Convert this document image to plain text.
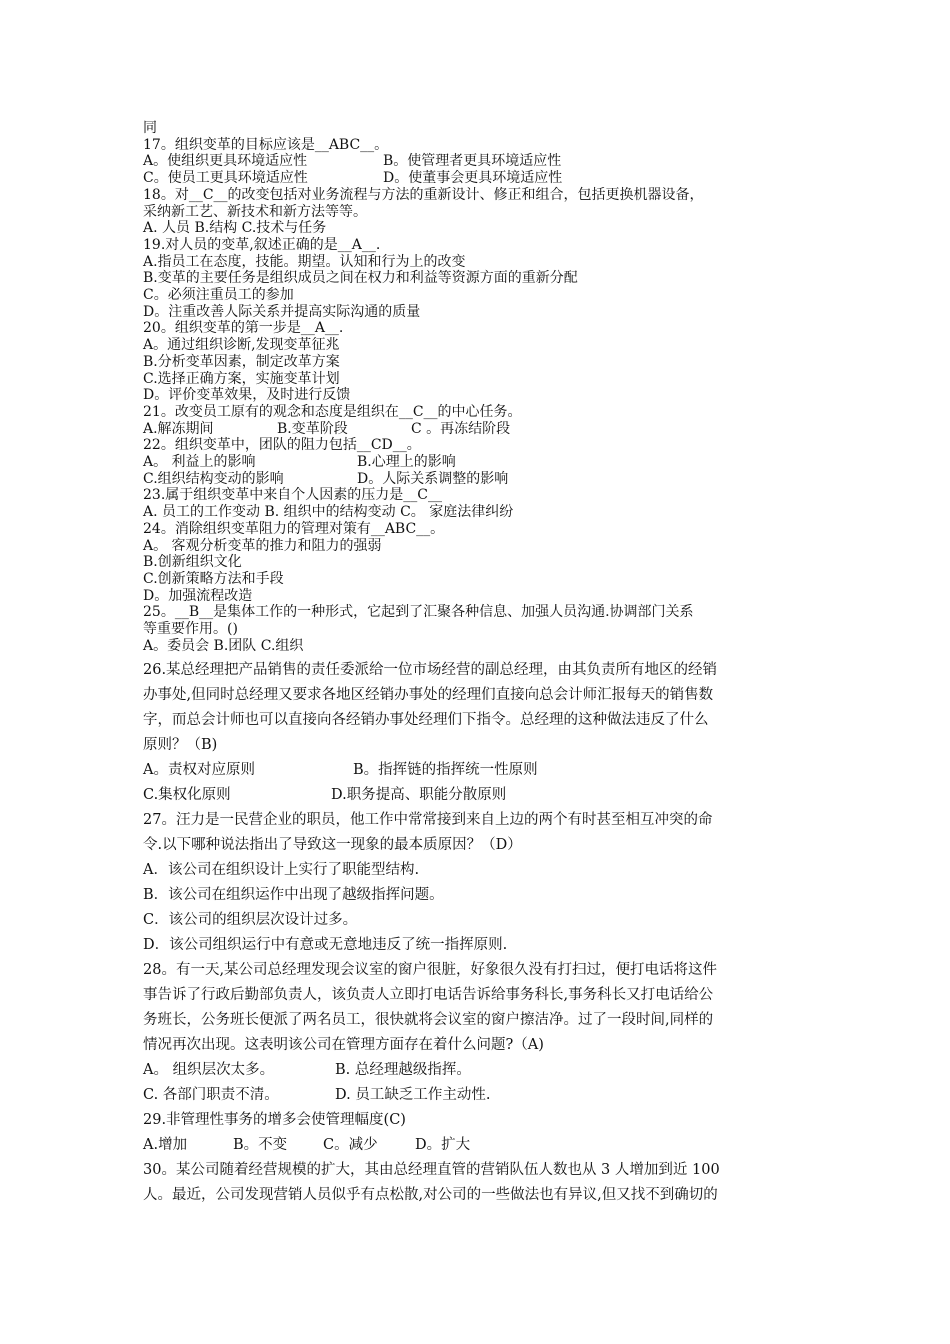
同
17。组织变革的目标应该是__ABC__。
A。使组织更具环境适应性	B。使管理者更具环境适应性
C。使员工更具环境适应性	D。使董事会更具环境适应性
18。对__C__的改变包括对业务流程与方法的重新设计、修正和组合，包括更换机器设备，
采纳新工艺、新技术和新方法等等。
A. 人员 B.结构 C.技术与任务
19.对人员的变革,叙述正确的是__A__.
A.指员工在态度，技能。期望。认知和行为上的改变
B.变革的主要任务是组织成员之间在权力和利益等资源方面的重新分配
C。必须注重员工的参加
D。注重改善人际关系并提高实际沟通的质量
20。组织变革的第一步是__A__.
A。通过组织诊断,发现变革征兆
B.分析变革因素，制定改革方案
C.选择正确方案，实施变革计划
D。评价变革效果，及时进行反馈
21。改变员工原有的观念和态度是组织在__C__的中心任务。
A.解冻期间	B.变革阶段	C 。再冻结阶段
22。组织变革中，团队的阻力包括__CD__。
A。 利益上的影响	B.心理上的影响
C.组织结构变动的影响	D。人际关系调整的影响
23.属于组织变革中来自个人因素的压力是__C__
A. 员工的工作变动 B. 组织中的结构变动 C。 家庭法律纠纷
24。消除组织变革阻力的管理对策有__ABC__。
A。 客观分析变革的推力和阻力的强弱
B.创新组织文化
C.创新策略方法和手段
D。加强流程改造
25。__B__是集体工作的一种形式，它起到了汇聚各种信息、加强人员沟通.协调部门关系
等重要作用。()
A。委员会 B.团队 C.组织
26.某总经理把产品销售的责任委派给一位市场经营的副总经理，由其负责所有地区的经销
办事处,但同时总经理又要求各地区经销办事处的经理们直接向总会计师汇报每天的销售数
字，而总会计师也可以直接向各经销办事处经理们下指令。总经理的这种做法违反了什么
原则？（B)
A。责权对应原则	B。指挥链的指挥统一性原则
C.集权化原则	D.职务提高、职能分散原则
27。汪力是一民营企业的职员，他工作中常常接到来自上边的两个有时甚至相互冲突的命
令.以下哪种说法指出了导致这一现象的最本质原因？（D）
A．该公司在组织设计上实行了职能型结构.
B．该公司在组织运作中出现了越级指挥问题。
C．该公司的组织层次设计过多。
D．该公司组织运行中有意或无意地违反了统一指挥原则.
28。有一天,某公司总经理发现会议室的窗户很脏，好象很久没有打扫过，便打电话将这件
事告诉了行政后勤部负责人，该负责人立即打电话告诉给事务科长,事务科长又打电话给公
务班长，公务班长便派了两名员工，很快就将会议室的窗户擦洁净。过了一段时间,同样的
情况再次出现。这表明该公司在管理方面存在着什么问题?（A)
A。 组织层次太多。	B. 总经理越级指挥。
C. 各部门职责不清。	D. 员工缺乏工作主动性.
29.非管理性事务的增多会使管理幅度(C)
A.增加	B。不变 C。减少	D。扩大
30。某公司随着经营规模的扩大，其由总经理直管的营销队伍人数也从 3 人增加到近 100
人。最近，公司发现营销人员似乎有点松散,对公司的一些做法也有异议,但又找不到确切的
